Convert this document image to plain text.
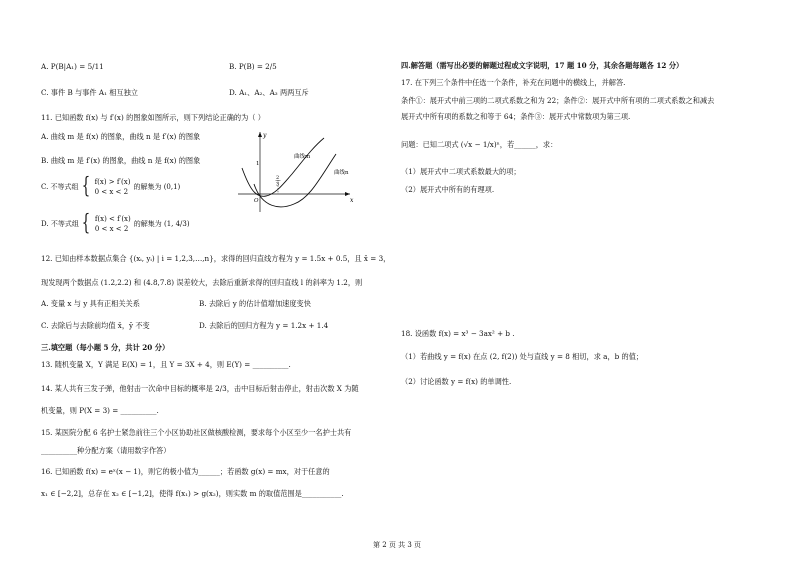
A. P(B|A₁) = 5/11	B. P(B) = 2/5
C. 事件 B 与事件 A₁ 相互独立	D. A₁、A₂、A₃ 两两互斥
11. 已知函数 f(x) 与 f′(x) 的图象如图所示，则下列结论正确的为（ ）
A. 曲线 m 是 f(x) 的图象，曲线 n 是 f′(x) 的图象
B. 曲线 m 是 f′(x) 的图象，曲线 n 是 f(x) 的图象
C. 不等式组 { f(x) > f′(x)
0 < x < 2
的解集为 (0,1)
D. 不等式组 { f(x) < f′(x)
0 < x < 2
的解集为 (1, 4/3)
y
x
O
1
2
3
曲线m
曲线n
12. 已知由样本数据点集合 {(xᵢ, yᵢ) | i = 1,2,3,…,n}，求得的回归直线方程为 y = 1.5x + 0.5，且 x̄ = 3，
现发现两个数据点 (1.2,2.2) 和 (4.8,7.8) 误差较大，去除后重新求得的回归直线 l 的斜率为 1.2，则
A. 变量 x 与 y 具有正相关关系	B. 去除后 y 的估计值增加速度变快
C. 去除后与去除前均值 x̄，ȳ 不变	D. 去除后的回归方程为 y = 1.2x + 1.4
三.填空题（每小题 5 分，共计 20 分）
13. 随机变量 X，Y 满足 E(X) = 1，且 Y = 3X + 4，则 E(Y) = __________.
14. 某人共有三发子弹，他射击一次命中目标的概率是 2/3，击中目标后射击停止，射击次数 X 为随
机变量，则 P(X = 3) = __________.
15. 某医院分配 6 名护士紧急前往三个小区协助社区做核酸检测，要求每个小区至少一名护士共有
__________种分配方案（请用数字作答）
16. 已知函数 f(x) = eˣ(x − 1)，则它的极小值为______；若函数 g(x) = mx，对于任意的
x₁ ∈ [−2,2]，总存在 x₂ ∈ [−1,2]，使得 f(x₁) > g(x₂)，则实数 m 的取值范围是___________.
四.解答题（需写出必要的解题过程或文字说明，17 题 10 分，其余各题每题各 12 分）
17. 在下列三个条件中任选一个条件，补充在问题中的横线上，并解答.
条件①：展开式中前三项的二项式系数之和为 22；条件②：展开式中所有项的二项式系数之和减去
展开式中所有项的系数之和等于 64；条件③：展开式中常数项为第三项.
问题：已知二项式 (√x − 1/x)ⁿ，若______，求：
（1）展开式中二项式系数最大的项；
（2）展开式中所有的有理项.
18. 设函数 f(x) = x³ − 3ax² + b .
（1）若曲线 y = f(x) 在点 (2, f(2)) 处与直线 y = 8 相切，求 a，b 的值；
（2）讨论函数 y = f(x) 的单调性.
第 2 页 共 3 页
